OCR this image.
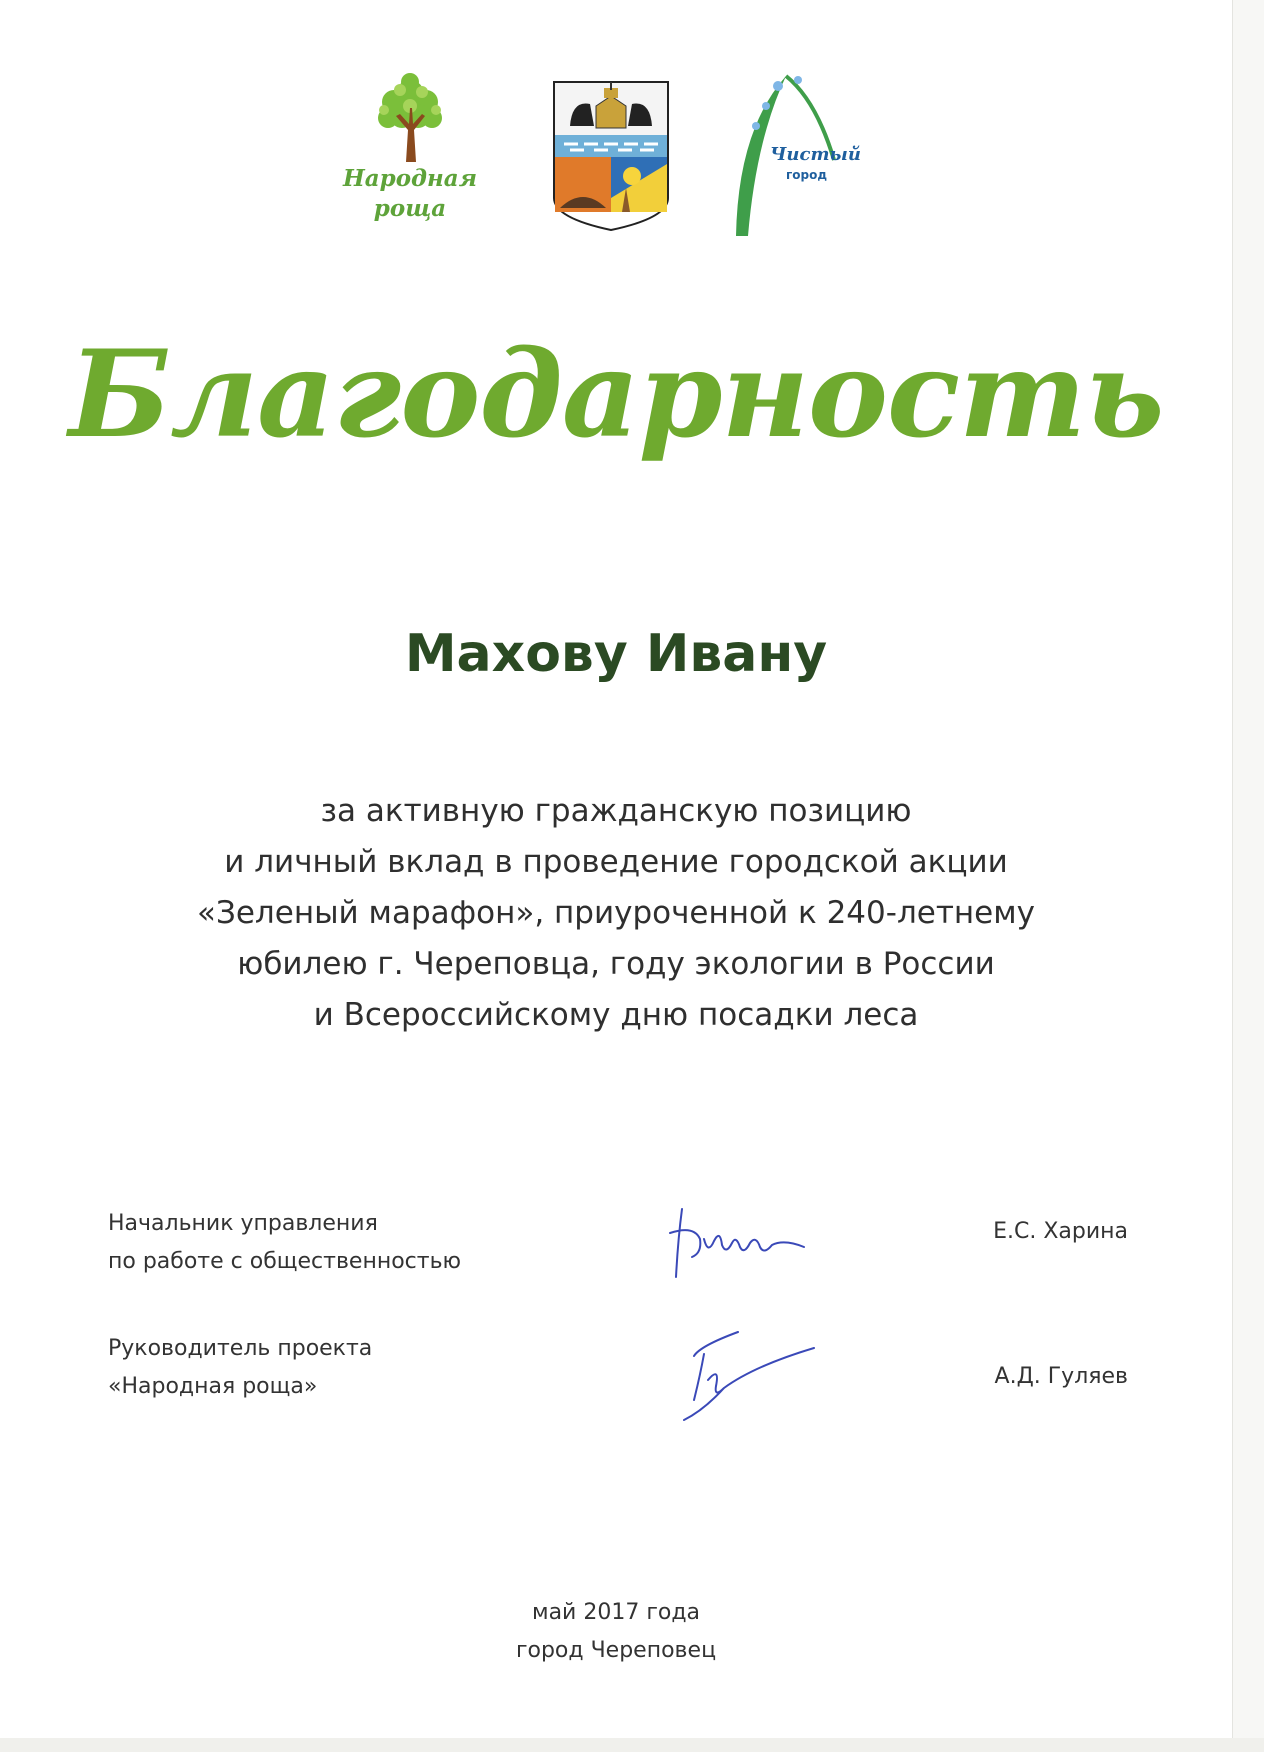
Народная
роща
Чистый
город
Благодарность
Махову Ивану
за активную гражданскую позицию
и личный вклад в проведение городской акции
«Зеленый марафон», приуроченной к 240-летнему
юбилею г. Череповца, году экологии в России
и Всероссийскому дню посадки леса
Начальник управления
по работе с общественностью
Е.С. Харина
Руководитель проекта
«Народная роща»	А.Д. Гуляев
май 2017 года
город Череповец
